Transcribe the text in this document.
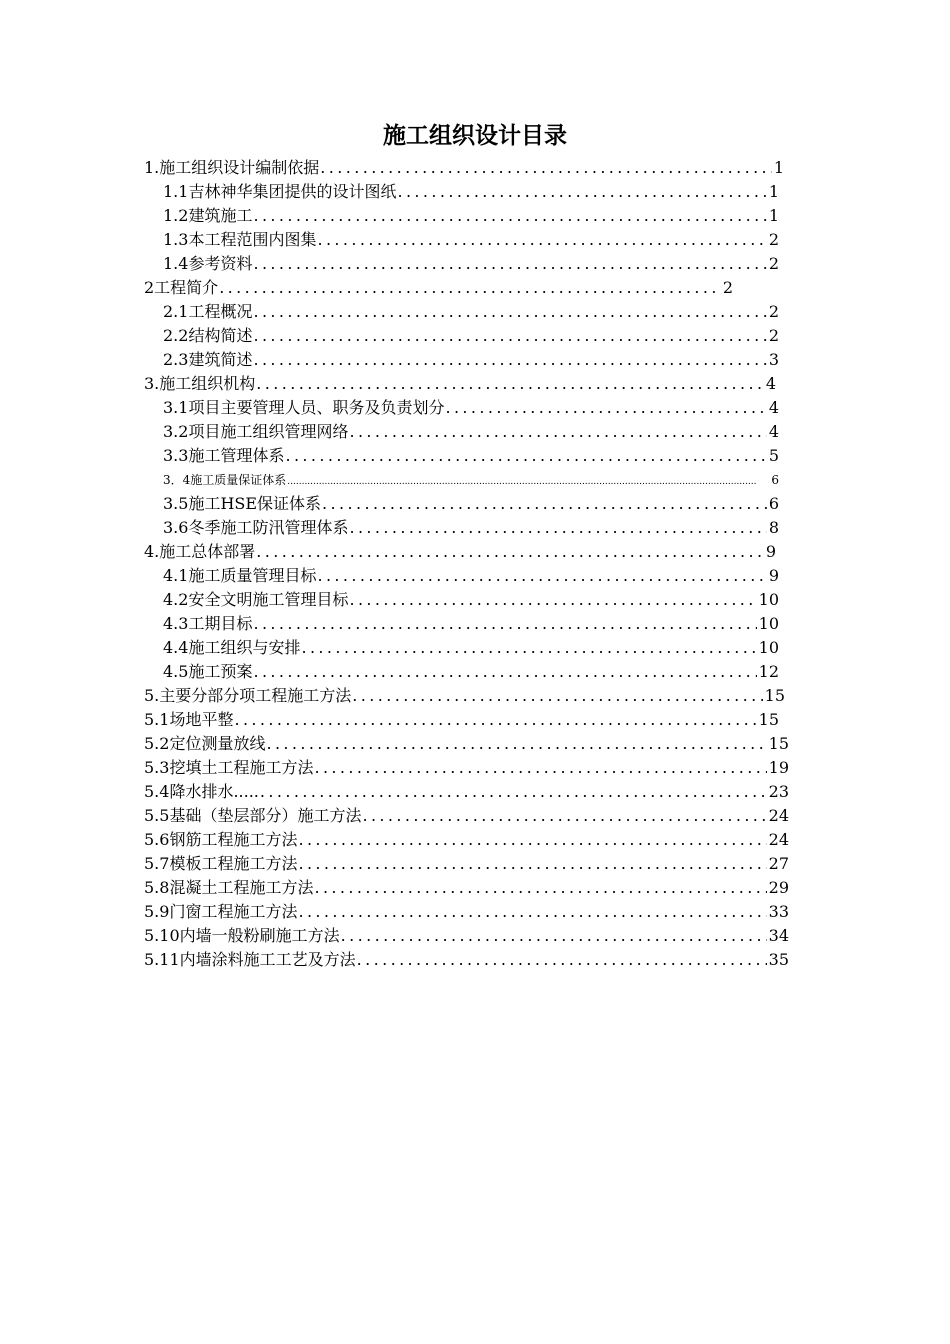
施工组织设计目录
1.施工组织设计编制依据 .....	1
1.1吉林神华集团提供的设计图纸 .....	1
1.2建筑施工 .....	1
1.3本工程范围内图集 .....	2
1.4参考资料 .....	2
2工程简介 .....	2
2.1工程概况 .....	2
2.2结构简述 .....	2
2.3建筑简述 .....	3
3.施工组织机构 .....	4
3.1项目主要管理人员、职务及负责划分 .....	4
3.2项目施工组织管理网络 .....	4
3.3施工管理体系 .....	5
3．4施工质量保证体系 .....	6
3.5施工HSE保证体系 .....	6
3.6冬季施工防汛管理体系 .....	8
4.施工总体部署 .....	9
4.1施工质量管理目标 .....	9
4.2安全文明施工管理目标 .....	10
4.3工期目标 .....	10
4.4施工组织与安排 .....	10
4.5施工预案 .....	12
5.主要分部分项工程施工方法 .....	15
5.1场地平整 .....	15
5.2定位测量放线 .....	15
5.3挖填土工程施工方法 .....	19
5.4降水排水..... .....	23
5.5基础（垫层部分）施工方法 .....	24
5.6钢筋工程施工方法 .....	24
5.7模板工程施工方法 .....	27
5.8混凝土工程施工方法 .....	29
5.9门窗工程施工方法 .....	33
5.10内墙一般粉刷施工方法 .....	34
5.11内墙涂料施工工艺及方法 .....	35
